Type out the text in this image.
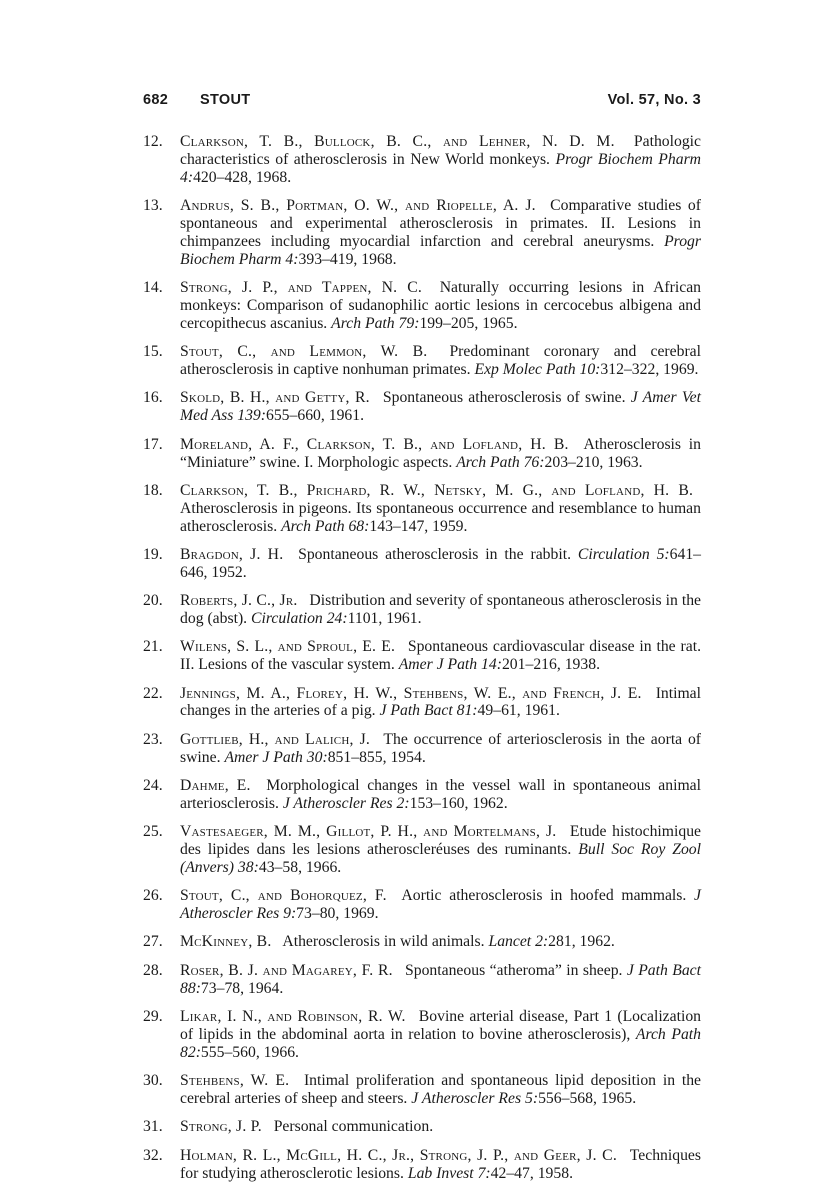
682 STOUT	Vol. 57, No. 3
12. Clarkson, T. B., Bullock, B. C., and Lehner, N. D. M.  Pathologic characteristics of atherosclerosis in New World monkeys. Progr Biochem Pharm 4:420–428, 1968.
13. Andrus, S. B., Portman, O. W., and Riopelle, A. J.  Comparative studies of spontaneous and experimental atherosclerosis in primates. II. Lesions in chimpanzees including myocardial infarction and cerebral aneurysms. Progr Biochem Pharm 4:393–419, 1968.
14. Strong, J. P., and Tappen, N. C.  Naturally occurring lesions in African monkeys: Comparison of sudanophilic aortic lesions in cercocebus albigena and cercopithecus ascanius. Arch Path 79:199–205, 1965.
15. Stout, C., and Lemmon, W. B.  Predominant coronary and cerebral atherosclerosis in captive nonhuman primates. Exp Molec Path 10:312–322, 1969.
16. Skold, B. H., and Getty, R.  Spontaneous atherosclerosis of swine. J Amer Vet Med Ass 139:655–660, 1961.
17. Moreland, A. F., Clarkson, T. B., and Lofland, H. B.  Atherosclerosis in “Miniature” swine. I. Morphologic aspects. Arch Path 76:203–210, 1963.
18. Clarkson, T. B., Prichard, R. W., Netsky, M. G., and Lofland, H. B.  Atherosclerosis in pigeons. Its spontaneous occurrence and resemblance to human atherosclerosis. Arch Path 68:143–147, 1959.
19. Bragdon, J. H.  Spontaneous atherosclerosis in the rabbit. Circulation 5:641–646, 1952.
20. Roberts, J. C., Jr.  Distribution and severity of spontaneous atherosclerosis in the dog (abst). Circulation 24:1101, 1961.
21. Wilens, S. L., and Sproul, E. E.  Spontaneous cardiovascular disease in the rat. II. Lesions of the vascular system. Amer J Path 14:201–216, 1938.
22. Jennings, M. A., Florey, H. W., Stehbens, W. E., and French, J. E.  Intimal changes in the arteries of a pig. J Path Bact 81:49–61, 1961.
23. Gottlieb, H., and Lalich, J.  The occurrence of arteriosclerosis in the aorta of swine. Amer J Path 30:851–855, 1954.
24. Dahme, E.  Morphological changes in the vessel wall in spontaneous animal arteriosclerosis. J Atheroscler Res 2:153–160, 1962.
25. Vastesaeger, M. M., Gillot, P. H., and Mortelmans, J.  Etude histochimique des lipides dans les lesions atheroscleréuses des ruminants. Bull Soc Roy Zool (Anvers) 38:43–58, 1966.
26. Stout, C., and Bohorquez, F.  Aortic atherosclerosis in hoofed mammals. J Atheroscler Res 9:73–80, 1969.
27. McKinney, B.  Atherosclerosis in wild animals. Lancet 2:281, 1962.
28. Roser, B. J. and Magarey, F. R.  Spontaneous “atheroma” in sheep. J Path Bact 88:73–78, 1964.
29. Likar, I. N., and Robinson, R. W.  Bovine arterial disease, Part 1 (Localization of lipids in the abdominal aorta in relation to bovine atherosclerosis), Arch Path 82:555–560, 1966.
30. Stehbens, W. E.  Intimal proliferation and spontaneous lipid deposition in the cerebral arteries of sheep and steers. J Atheroscler Res 5:556–568, 1965.
31. Strong, J. P.  Personal communication.
32. Holman, R. L., McGill, H. C., Jr., Strong, J. P., and Geer, J. C.  Techniques for studying atherosclerotic lesions. Lab Invest 7:42–47, 1958.
